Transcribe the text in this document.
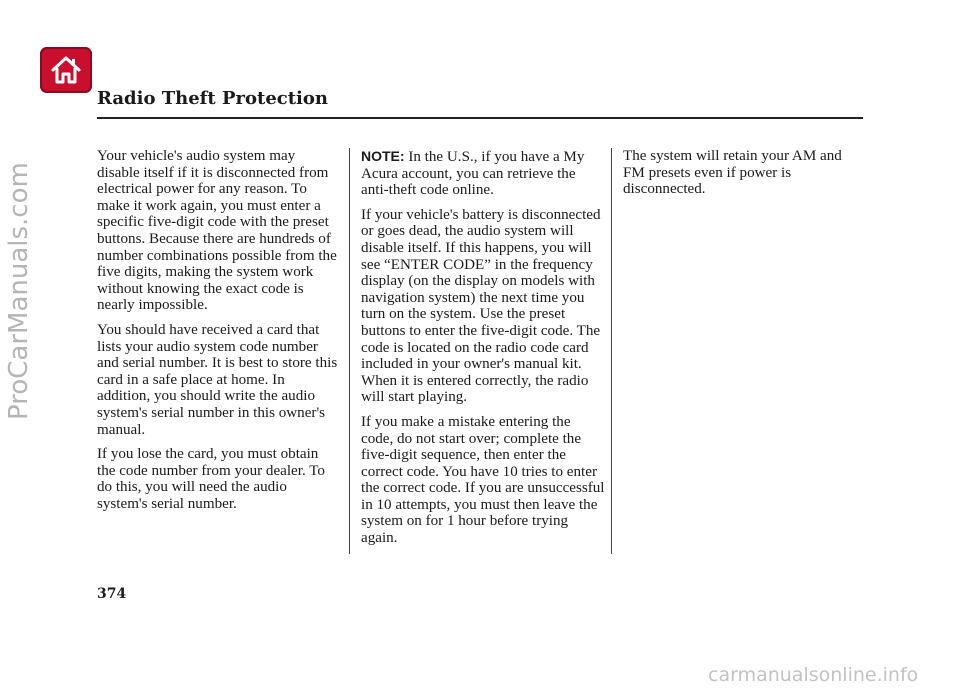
Radio Theft Protection

Your vehicle's audio system may disable itself if it is disconnected from electrical power for any reason. To make it work again, you must enter a specific five-digit code with the preset buttons. Because there are hundreds of number combinations possible from the five digits, making the system work without knowing the exact code is nearly impossible.

You should have received a card that lists your audio system code number and serial number. It is best to store this card in a safe place at home. In addition, you should write the audio system's serial number in this owner's manual.

If you lose the card, you must obtain the code number from your dealer. To do this, you will need the audio system's serial number.

NOTE: In the U.S., if you have a My Acura account, you can retrieve the anti-theft code online.

If your vehicle's battery is disconnected or goes dead, the audio system will disable itself. If this happens, you will see “ENTER CODE” in the frequency display (on the display on models with navigation system) the next time you turn on the system. Use the preset buttons to enter the five-digit code. The code is located on the radio code card included in your owner's manual kit. When it is entered correctly, the radio will start playing.

If you make a mistake entering the code, do not start over; complete the five-digit sequence, then enter the correct code. You have 10 tries to enter the correct code. If you are unsuccessful in 10 attempts, you must then leave the system on for 1 hour before trying again.

The system will retain your AM and FM presets even if power is disconnected.

374
ProCarManuals.com
carmanualsonline.info
